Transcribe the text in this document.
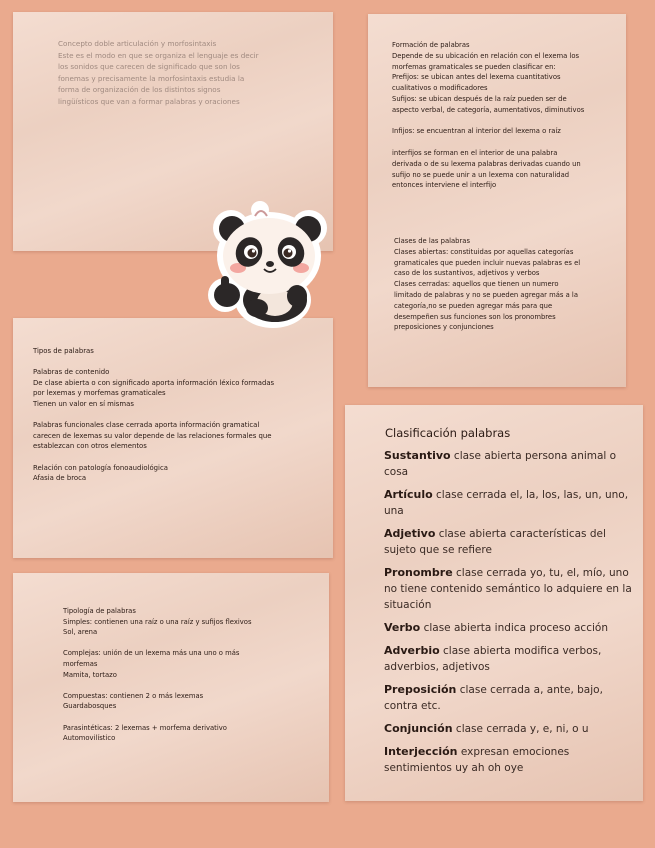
Concepto doble articulación y morfosintaxis
Este es el modo en que se organiza el lenguaje es decir
los sonidos que carecen de significado que son los
fonemas y precisamente la morfosintaxis estudia la
forma de organización de los distintos signos
lingüísticos que van a formar palabras y oraciones
Formación de palabras
Depende de su ubicación en relación con el lexema los
morfemas gramaticales se pueden clasificar en:
Prefijos: se ubican antes del lexema cuantitativos
cualitativos o modificadores
Sufijos: se ubican después de la raíz pueden ser de
aspecto verbal, de categoría, aumentativos, diminutivos

Infijos: se encuentran al interior del lexema o raíz

interfijos se forman en el interior de una palabra
derivada o de su lexema palabras derivadas cuando un
sufijo no se puede unir a un lexema con naturalidad
entonces interviene el interfijo
Clases de las palabras
Clases abiertas: constituidas por aquellas categorías
gramaticales que pueden incluir nuevas palabras es el
caso de los sustantivos, adjetivos y verbos
Clases cerradas: aquellos que tienen un numero
limitado de palabras y no se pueden agregar más a la
categoría,no se pueden agregar más para que
desempeñen sus funciones son los pronombres
preposiciones y conjunciones
Tipos de palabras

Palabras de contenido
De clase abierta o con significado aporta información léxico formadas
por lexemas y morfemas gramaticales
Tienen un valor en sí mismas

Palabras funcionales clase cerrada aporta información gramatical
carecen de lexemas su valor depende de las relaciones formales que
establezcan con otros elementos

Relación con patología fonoaudiológica
Afasia de broca
Tipología de palabras
Simples: contienen una raíz o una raíz y sufijos flexivos
Sol, arena

Complejas: unión de un lexema más una uno o más
morfemas
Mamita, tortazo

Compuestas: contienen 2 o más lexemas
Guardabosques

Parasintéticas: 2 lexemas + morfema derivativo
Automovilístico
Clasificación palabras
Sustantivo clase abierta persona animal o cosa
Artículo clase cerrada el, la, los, las, un, uno, una
Adjetivo clase abierta características del sujeto que se refiere
Pronombre clase cerrada yo, tu, el, mío, uno no tiene contenido semántico lo adquiere en la situación
Verbo clase abierta indica proceso acción
Adverbio clase abierta modifica verbos, adverbios, adjetivos
Preposición clase cerrada a, ante, bajo, contra etc.
Conjunción clase cerrada y, e, ni, o u
Interjección expresan emociones sentimientos uy ah oh oye
